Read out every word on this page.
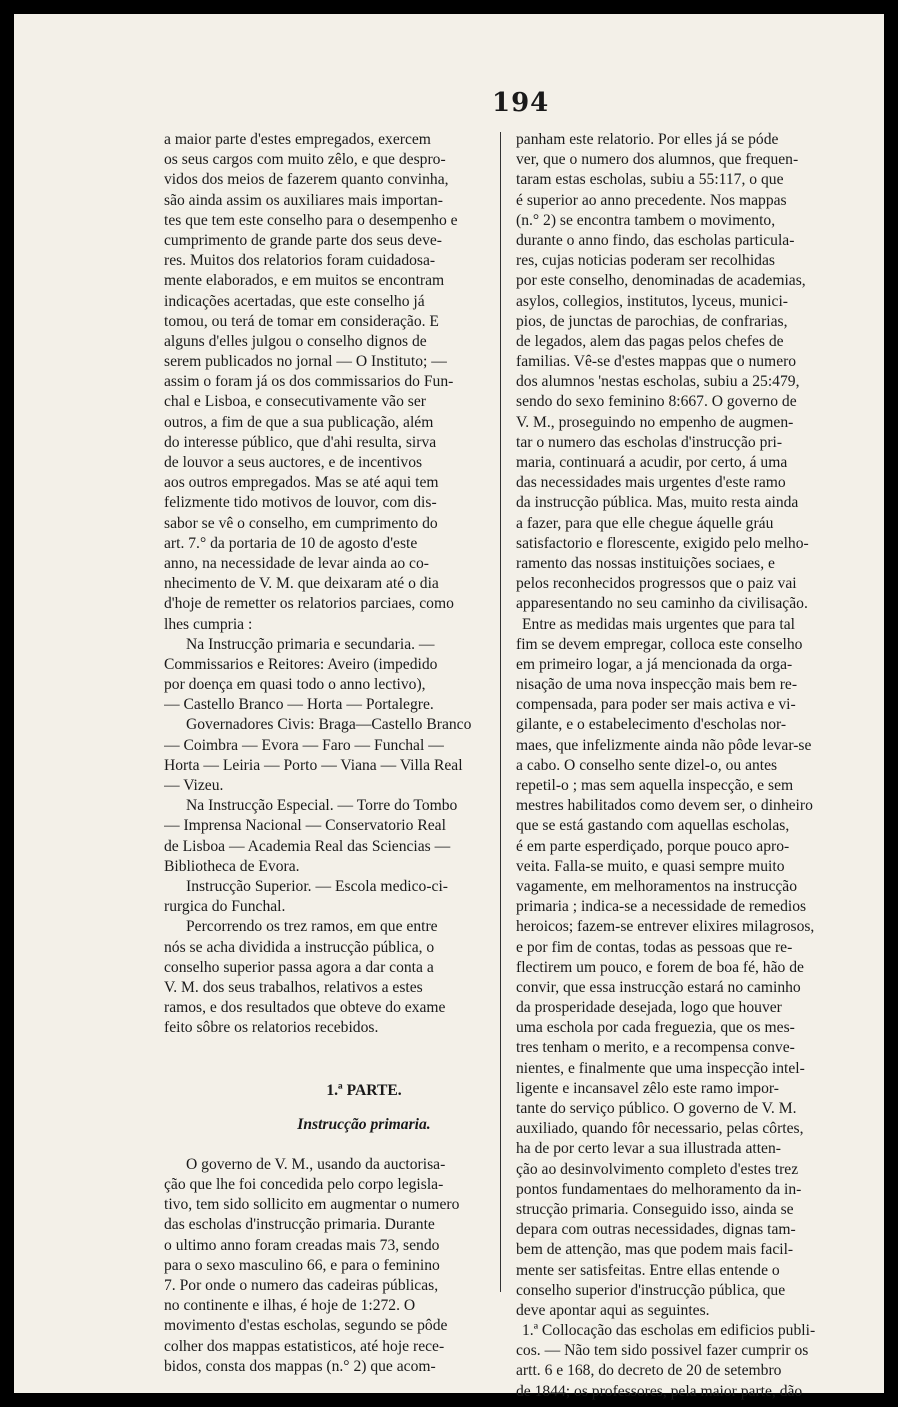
194
a maior parte d'estes empregados, exercem
os seus cargos com muito zêlo, e que despro-
vidos dos meios de fazerem quanto convinha,
são ainda assim os auxiliares mais importan-
tes que tem este conselho para o desempenho e
cumprimento de grande parte dos seus deve-
res. Muitos dos relatorios foram cuidadosa-
mente elaborados, e em muitos se encontram
indicações acertadas, que este conselho já
tomou, ou terá de tomar em consideração. E
alguns d'elles julgou o conselho dignos de
serem publicados no jornal — O Instituto; —
assim o foram já os dos commissarios do Fun-
chal e Lisboa, e consecutivamente vão ser
outros, a fim de que a sua publicação, além
do interesse público, que d'ahi resulta, sirva
de louvor a seus auctores, e de incentivos
aos outros empregados. Mas se até aqui tem
felizmente tido motivos de louvor, com dis-
sabor se vê o conselho, em cumprimento do
art. 7.° da portaria de 10 de agosto d'este
anno, na necessidade de levar ainda ao co-
nhecimento de V. M. que deixaram até o dia
d'hoje de remetter os relatorios parciaes, como
lhes cumpria :
Na Instrucção primaria e secundaria. —
Commissarios e Reitores: Aveiro (impedido
por doença em quasi todo o anno lectivo),
— Castello Branco — Horta — Portalegre.
Governadores Civis: Braga—Castello Branco
— Coimbra — Evora — Faro — Funchal —
Horta — Leiria — Porto — Viana — Villa Real
— Vizeu.
Na Instrucção Especial. — Torre do Tombo
— Imprensa Nacional — Conservatorio Real
de Lisboa — Academia Real das Sciencias —
Bibliotheca de Evora.
Instrucção Superior. — Escola medico-ci-
rurgica do Funchal.
Percorrendo os trez ramos, em que entre
nós se acha dividida a instrucção pública, o
conselho superior passa agora a dar conta a
V. M. dos seus trabalhos, relativos a estes
ramos, e dos resultados que obteve do exame
feito sôbre os relatorios recebidos.
1.ª PARTE.
Instrucção primaria.
O governo de V. M., usando da auctorisa-
ção que lhe foi concedida pelo corpo legisla-
tivo, tem sido sollicito em augmentar o numero
das escholas d'instrucção primaria. Durante
o ultimo anno foram creadas mais 73, sendo
para o sexo masculino 66, e para o feminino
7. Por onde o numero das cadeiras públicas,
no continente e ilhas, é hoje de 1:272. O
movimento d'estas escholas, segundo se pôde
colher dos mappas estatisticos, até hoje rece-
bidos, consta dos mappas (n.° 2) que acom-
panham este relatorio. Por elles já se póde
ver, que o numero dos alumnos, que frequen-
taram estas escholas, subiu a 55:117, o que
é superior ao anno precedente. Nos mappas
(n.° 2) se encontra tambem o movimento,
durante o anno findo, das escholas particula-
res, cujas noticias poderam ser recolhidas
por este conselho, denominadas de academias,
asylos, collegios, institutos, lyceus, munici-
pios, de junctas de parochias, de confrarias,
de legados, alem das pagas pelos chefes de
familias. Vê-se d'estes mappas que o numero
dos alumnos 'nestas escholas, subiu a 25:479,
sendo do sexo feminino 8:667. O governo de
V. M., proseguindo no empenho de augmen-
tar o numero das escholas d'instrucção pri-
maria, continuará a acudir, por certo, á uma
das necessidades mais urgentes d'este ramo
da instrucção pública. Mas, muito resta ainda
a fazer, para que elle chegue áquelle gráu
satisfactorio e florescente, exigido pelo melho-
ramento das nossas instituições sociaes, e
pelos reconhecidos progressos que o paiz vai
apparesentando no seu caminho da civilisação.
Entre as medidas mais urgentes que para tal
fim se devem empregar, colloca este conselho
em primeiro logar, a já mencionada da orga-
nisação de uma nova inspecção mais bem re-
compensada, para poder ser mais activa e vi-
gilante, e o estabelecimento d'escholas nor-
maes, que infelizmente ainda não pôde levar-se
a cabo. O conselho sente dizel-o, ou antes
repetil-o ; mas sem aquella inspecção, e sem
mestres habilitados como devem ser, o dinheiro
que se está gastando com aquellas escholas,
é em parte esperdiçado, porque pouco apro-
veita. Falla-se muito, e quasi sempre muito
vagamente, em melhoramentos na instrucção
primaria ; indica-se a necessidade de remedios
heroicos; fazem-se entrever elixires milagrosos,
e por fim de contas, todas as pessoas que re-
flectirem um pouco, e forem de boa fé, hão de
convir, que essa instrucção estará no caminho
da prosperidade desejada, logo que houver
uma eschola por cada freguezia, que os mes-
tres tenham o merito, e a recompensa conve-
nientes, e finalmente que uma inspecção intel-
ligente e incansavel zêlo este ramo impor-
tante do serviço público. O governo de V. M.
auxiliado, quando fôr necessario, pelas côrtes,
ha de por certo levar a sua illustrada atten-
ção ao desinvolvimento completo d'estes trez
pontos fundamentaes do melhoramento da in-
strucção primaria. Conseguido isso, ainda se
depara com outras necessidades, dignas tam-
bem de attenção, mas que podem mais facil-
mente ser satisfeitas. Entre ellas entende o
conselho superior d'instrucção pública, que
deve apontar aqui as seguintes.
1.ª Collocação das escholas em edificios publi-
cos. — Não tem sido possivel fazer cumprir os
artt. 6 e 168, do decreto de 20 de setembro
de 1844; os professores, pela maior parte, dão
